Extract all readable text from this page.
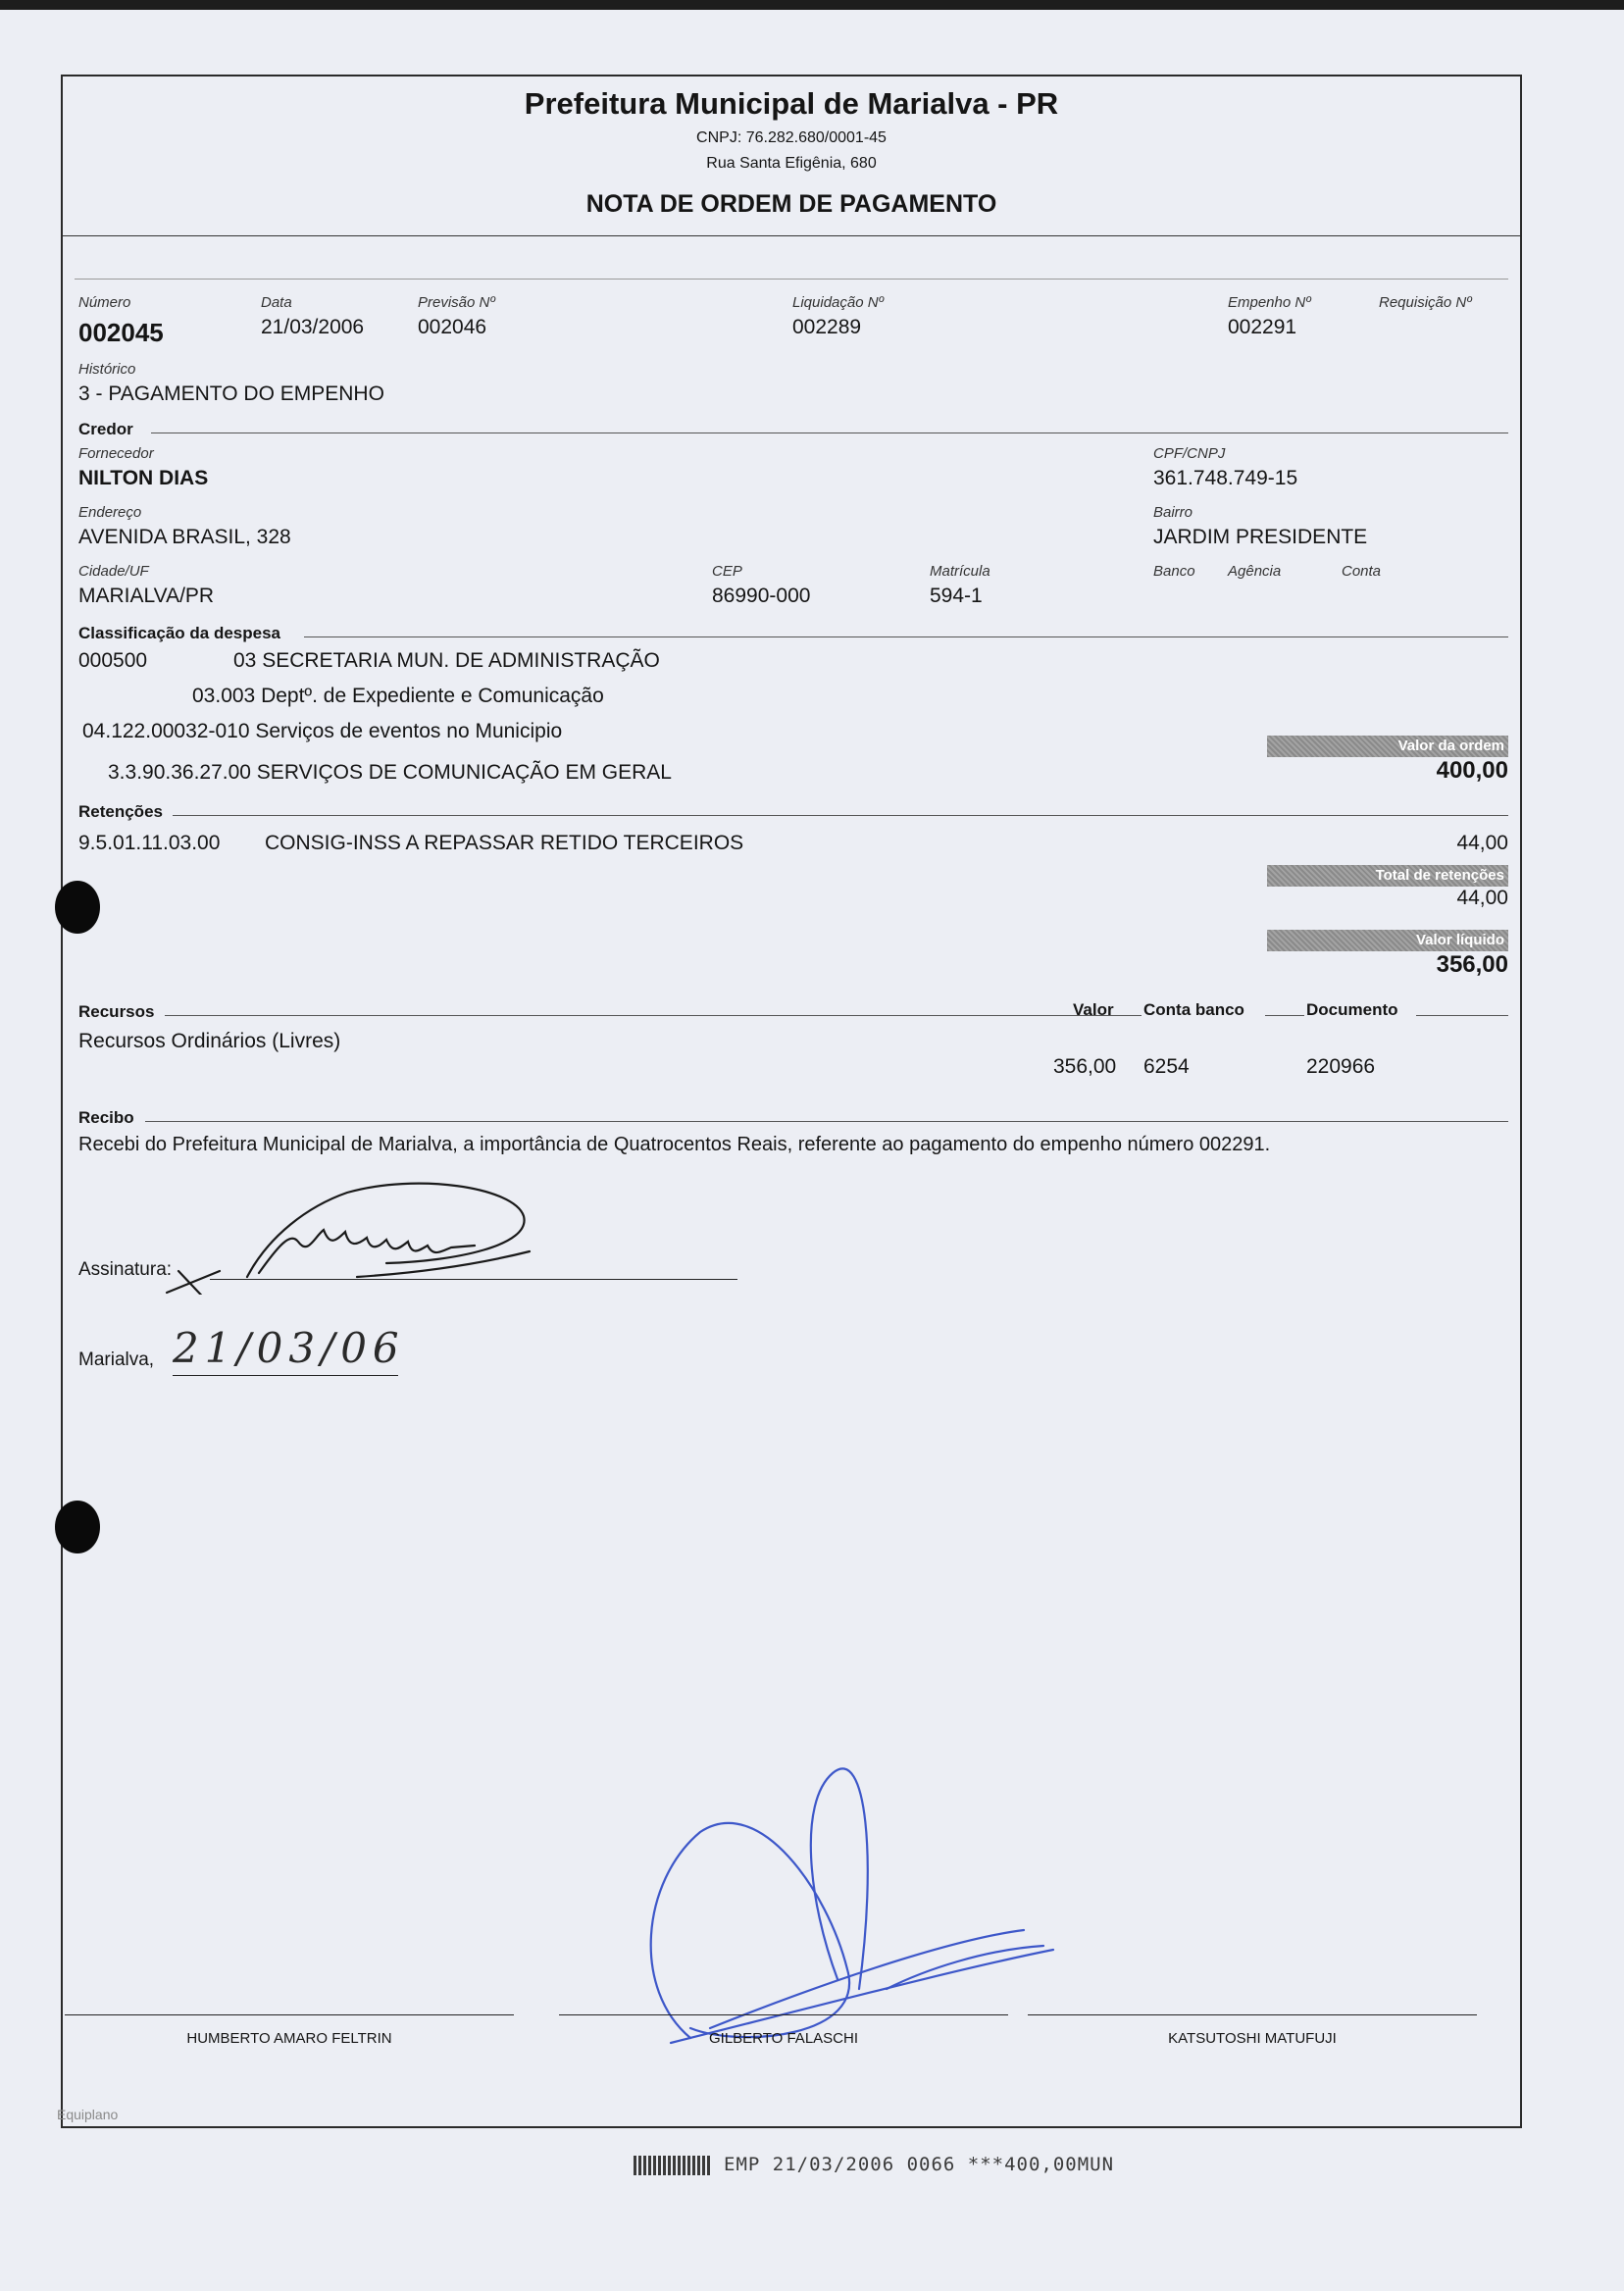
Prefeitura Municipal de Marialva - PR
CNPJ: 76.282.680/0001-45
Rua Santa Efigênia, 680
NOTA DE ORDEM DE PAGAMENTO
Número
002045
Data
21/03/2006
Previsão Nº
002046
Liquidação Nº
002289
Empenho Nº
002291
Requisição Nº
Histórico
3 - PAGAMENTO DO EMPENHO
Credor
Fornecedor
NILTON DIAS
CPF/CNPJ
361.748.749-15
Endereço
AVENIDA BRASIL, 328
Bairro
JARDIM PRESIDENTE
Cidade/UF
MARIALVA/PR
CEP
86990-000
Matrícula
594-1
Banco Agência	Conta
Classificação da despesa
000500	03 SECRETARIA MUN. DE ADMINISTRAÇÃO
03.003 Deptº. de Expediente e Comunicação
04.122.00032-010 Serviços de eventos no Municipio
Valor da ordem
3.3.90.36.27.00 SERVIÇOS DE COMUNICAÇÃO EM GERAL	400,00
Retenções
9.5.01.11.03.00 CONSIG-INSS A REPASSAR RETIDO TERCEIROS	44,00
Total de retenções
44,00
Valor líquido
356,00
Recursos	Valor Conta banco	Documento
Recursos Ordinários (Livres)
356,00 6254	220966
Recibo
Recebi do Prefeitura Municipal de Marialva, a importância de Quatrocentos Reais, referente ao pagamento do empenho número 002291.
Assinatura:
Marialva, 21/03/06
HUMBERTO AMARO FELTRIN	GILBERTO FALASCHI	KATSUTOSHI MATUFUJI
Equiplano
EMP 21/03/2006 0066 ***400,00MUN
